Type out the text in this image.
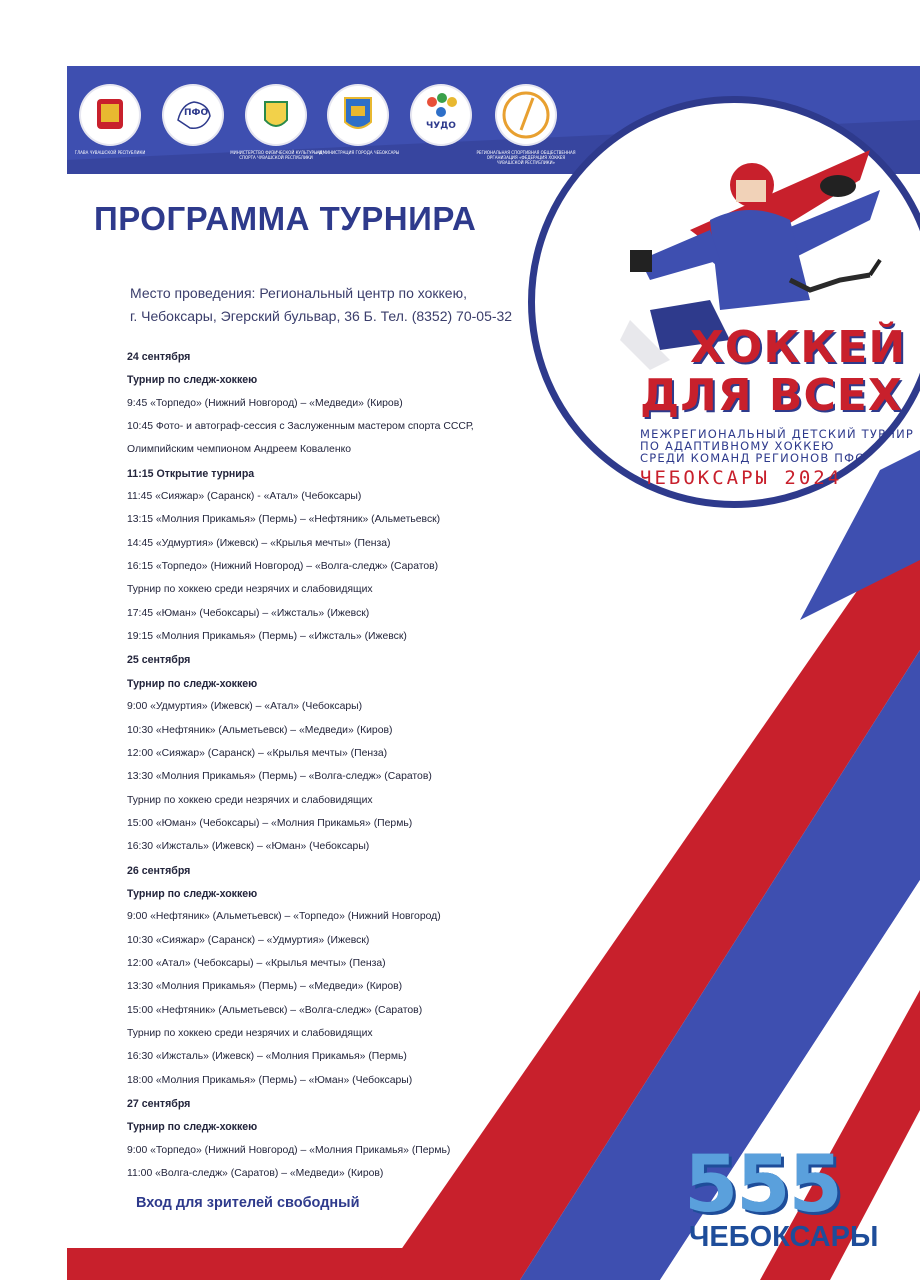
ГЛАВА ЧУВАШСКОЙ РЕСПУБЛИКИ
ПФО
МИНИСТЕРСТВО ФИЗИЧЕСКОЙ КУЛЬТУРЫ И СПОРТА ЧУВАШСКОЙ РЕСПУБЛИКИ
АДМИНИСТРАЦИЯ ГОРОДА ЧЕБОКСАРЫ
ЧУДО
РЕГИОНАЛЬНАЯ СПОРТИВНАЯ ОБЩЕСТВЕННАЯ ОРГАНИЗАЦИЯ «ФЕДЕРАЦИЯ ХОККЕЯ ЧУВАШСКОЙ РЕСПУБЛИКИ»
ХОККЕЙ
ДЛЯ ВСЕХ
МЕЖРЕГИОНАЛЬНЫЙ ДЕТСКИЙ ТУРНИР
ПО АДАПТИВНОМУ ХОККЕЮ
СРЕДИ КОМАНД РЕГИОНОВ ПФО
ЧЕБОКСАРЫ 2024
ПРОГРАММА ТУРНИРА
Место проведения: Региональный центр по хоккею,
г. Чебоксары, Эгерский бульвар, 36 Б. Тел. (8352) 70-05-32
24 сентября
Турнир по следж-хоккею
9:45 «Торпедо» (Нижний Новгород) – «Медведи» (Киров)
10:45 Фото- и автограф-сессия с Заслуженным мастером спорта СССР,
Олимпийским чемпионом Андреем Коваленко
11:15 Открытие турнира
11:45 «Сияжар» (Саранск) - «Атал» (Чебоксары)
13:15 «Молния Прикамья» (Пермь) – «Нефтяник» (Альметьевск)
14:45 «Удмуртия» (Ижевск) – «Крылья мечты» (Пенза)
16:15 «Торпедо» (Нижний Новгород) – «Волга-следж» (Саратов)
Турнир по хоккею среди незрячих и слабовидящих
17:45 «Юман» (Чебоксары) – «Ижсталь» (Ижевск)
19:15 «Молния Прикамья» (Пермь) – «Ижсталь» (Ижевск)
25 сентября
Турнир по следж-хоккею
9:00 «Удмуртия» (Ижевск) – «Атал» (Чебоксары)
10:30 «Нефтяник» (Альметьевск) – «Медведи» (Киров)
12:00 «Сияжар» (Саранск) – «Крылья мечты» (Пенза)
13:30 «Молния Прикамья» (Пермь) – «Волга-следж» (Саратов)
Турнир по хоккею среди незрячих и слабовидящих
15:00 «Юман» (Чебоксары) – «Молния Прикамья» (Пермь)
16:30 «Ижсталь» (Ижевск) – «Юман» (Чебоксары)
26 сентября
Турнир по следж-хоккею
9:00 «Нефтяник» (Альметьевск) – «Торпедо» (Нижний Новгород)
10:30 «Сияжар» (Саранск) – «Удмуртия» (Ижевск)
12:00 «Атал» (Чебоксары) – «Крылья мечты» (Пенза)
13:30 «Молния Прикамья» (Пермь) – «Медведи» (Киров)
15:00 «Нефтяник» (Альметьевск) – «Волга-следж» (Саратов)
Турнир по хоккею среди незрячих и слабовидящих
16:30 «Ижсталь» (Ижевск) – «Молния Прикамья» (Пермь)
18:00 «Молния Прикамья» (Пермь) – «Юман» (Чебоксары)
27 сентября
Турнир по следж-хоккею
9:00 «Торпедо» (Нижний Новгород) – «Молния Прикамья» (Пермь)
11:00 «Волга-следж» (Саратов) – «Медведи» (Киров)
Вход для зрителей свободный	555
ЧЕБОКСАРЫ
